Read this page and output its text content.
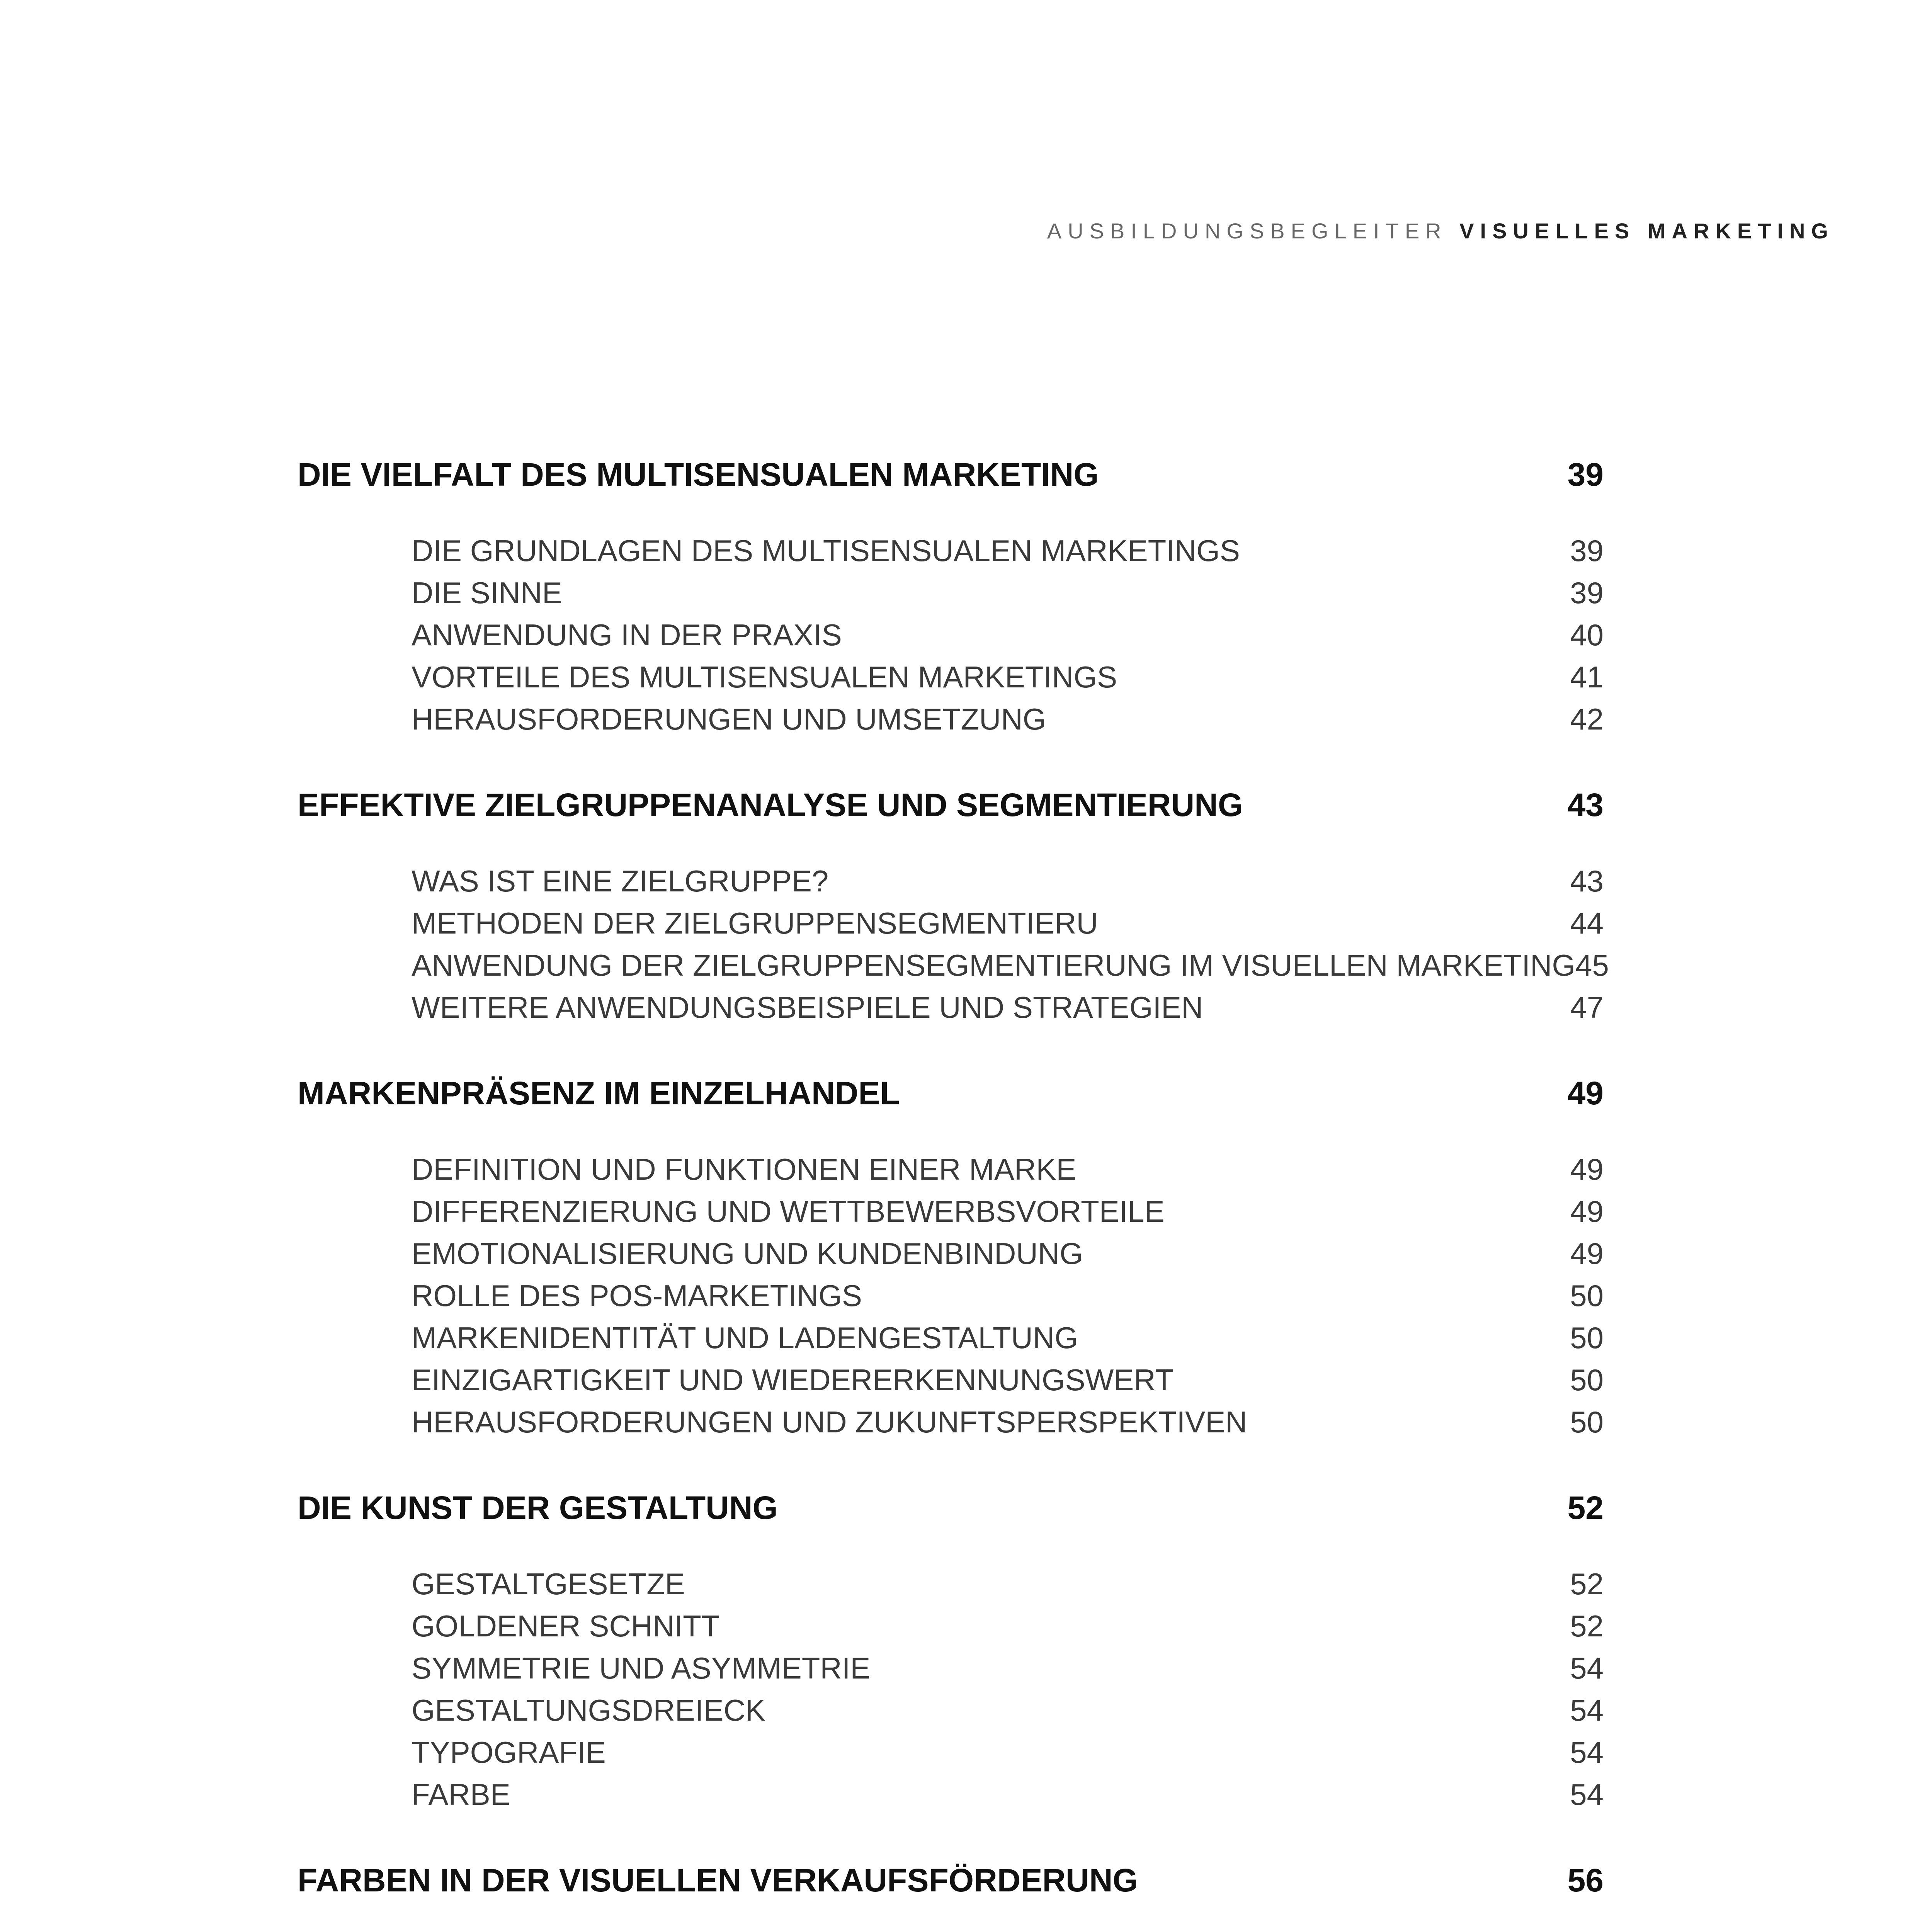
AUSBILDUNGSBEGLEITER VISUELLES MARKETING
DIE VIELFALT DES MULTISENSUALEN MARKETING	39
DIE GRUNDLAGEN DES MULTISENSUALEN MARKETINGS	39
DIE SINNE	39
ANWENDUNG IN DER PRAXIS	40
VORTEILE DES MULTISENSUALEN MARKETINGS	41
HERAUSFORDERUNGEN UND UMSETZUNG	42
EFFEKTIVE ZIELGRUPPENANALYSE UND SEGMENTIERUNG	43
WAS IST EINE ZIELGRUPPE?	43
METHODEN DER ZIELGRUPPENSEGMENTIERU	44
ANWENDUNG DER ZIELGRUPPENSEGMENTIERUNG IM VISUELLEN MARKETING 45
WEITERE ANWENDUNGSBEISPIELE UND STRATEGIEN	47
MARKENPRÄSENZ IM EINZELHANDEL	49
DEFINITION UND FUNKTIONEN EINER MARKE	49
DIFFERENZIERUNG UND WETTBEWERBSVORTEILE	49
EMOTIONALISIERUNG UND KUNDENBINDUNG	49
ROLLE DES POS-MARKETINGS	50
MARKENIDENTITÄT UND LADENGESTALTUNG	50
EINZIGARTIGKEIT UND WIEDERERKENNUNGSWERT	50
HERAUSFORDERUNGEN UND ZUKUNFTSPERSPEKTIVEN	50
DIE KUNST DER GESTALTUNG	52
GESTALTGESETZE	52
GOLDENER SCHNITT	52
SYMMETRIE UND ASYMMETRIE	54
GESTALTUNGSDREIECK	54
TYPOGRAFIE	54
FARBE	54
FARBEN IN DER VISUELLEN VERKAUFSFÖRDERUNG	56
